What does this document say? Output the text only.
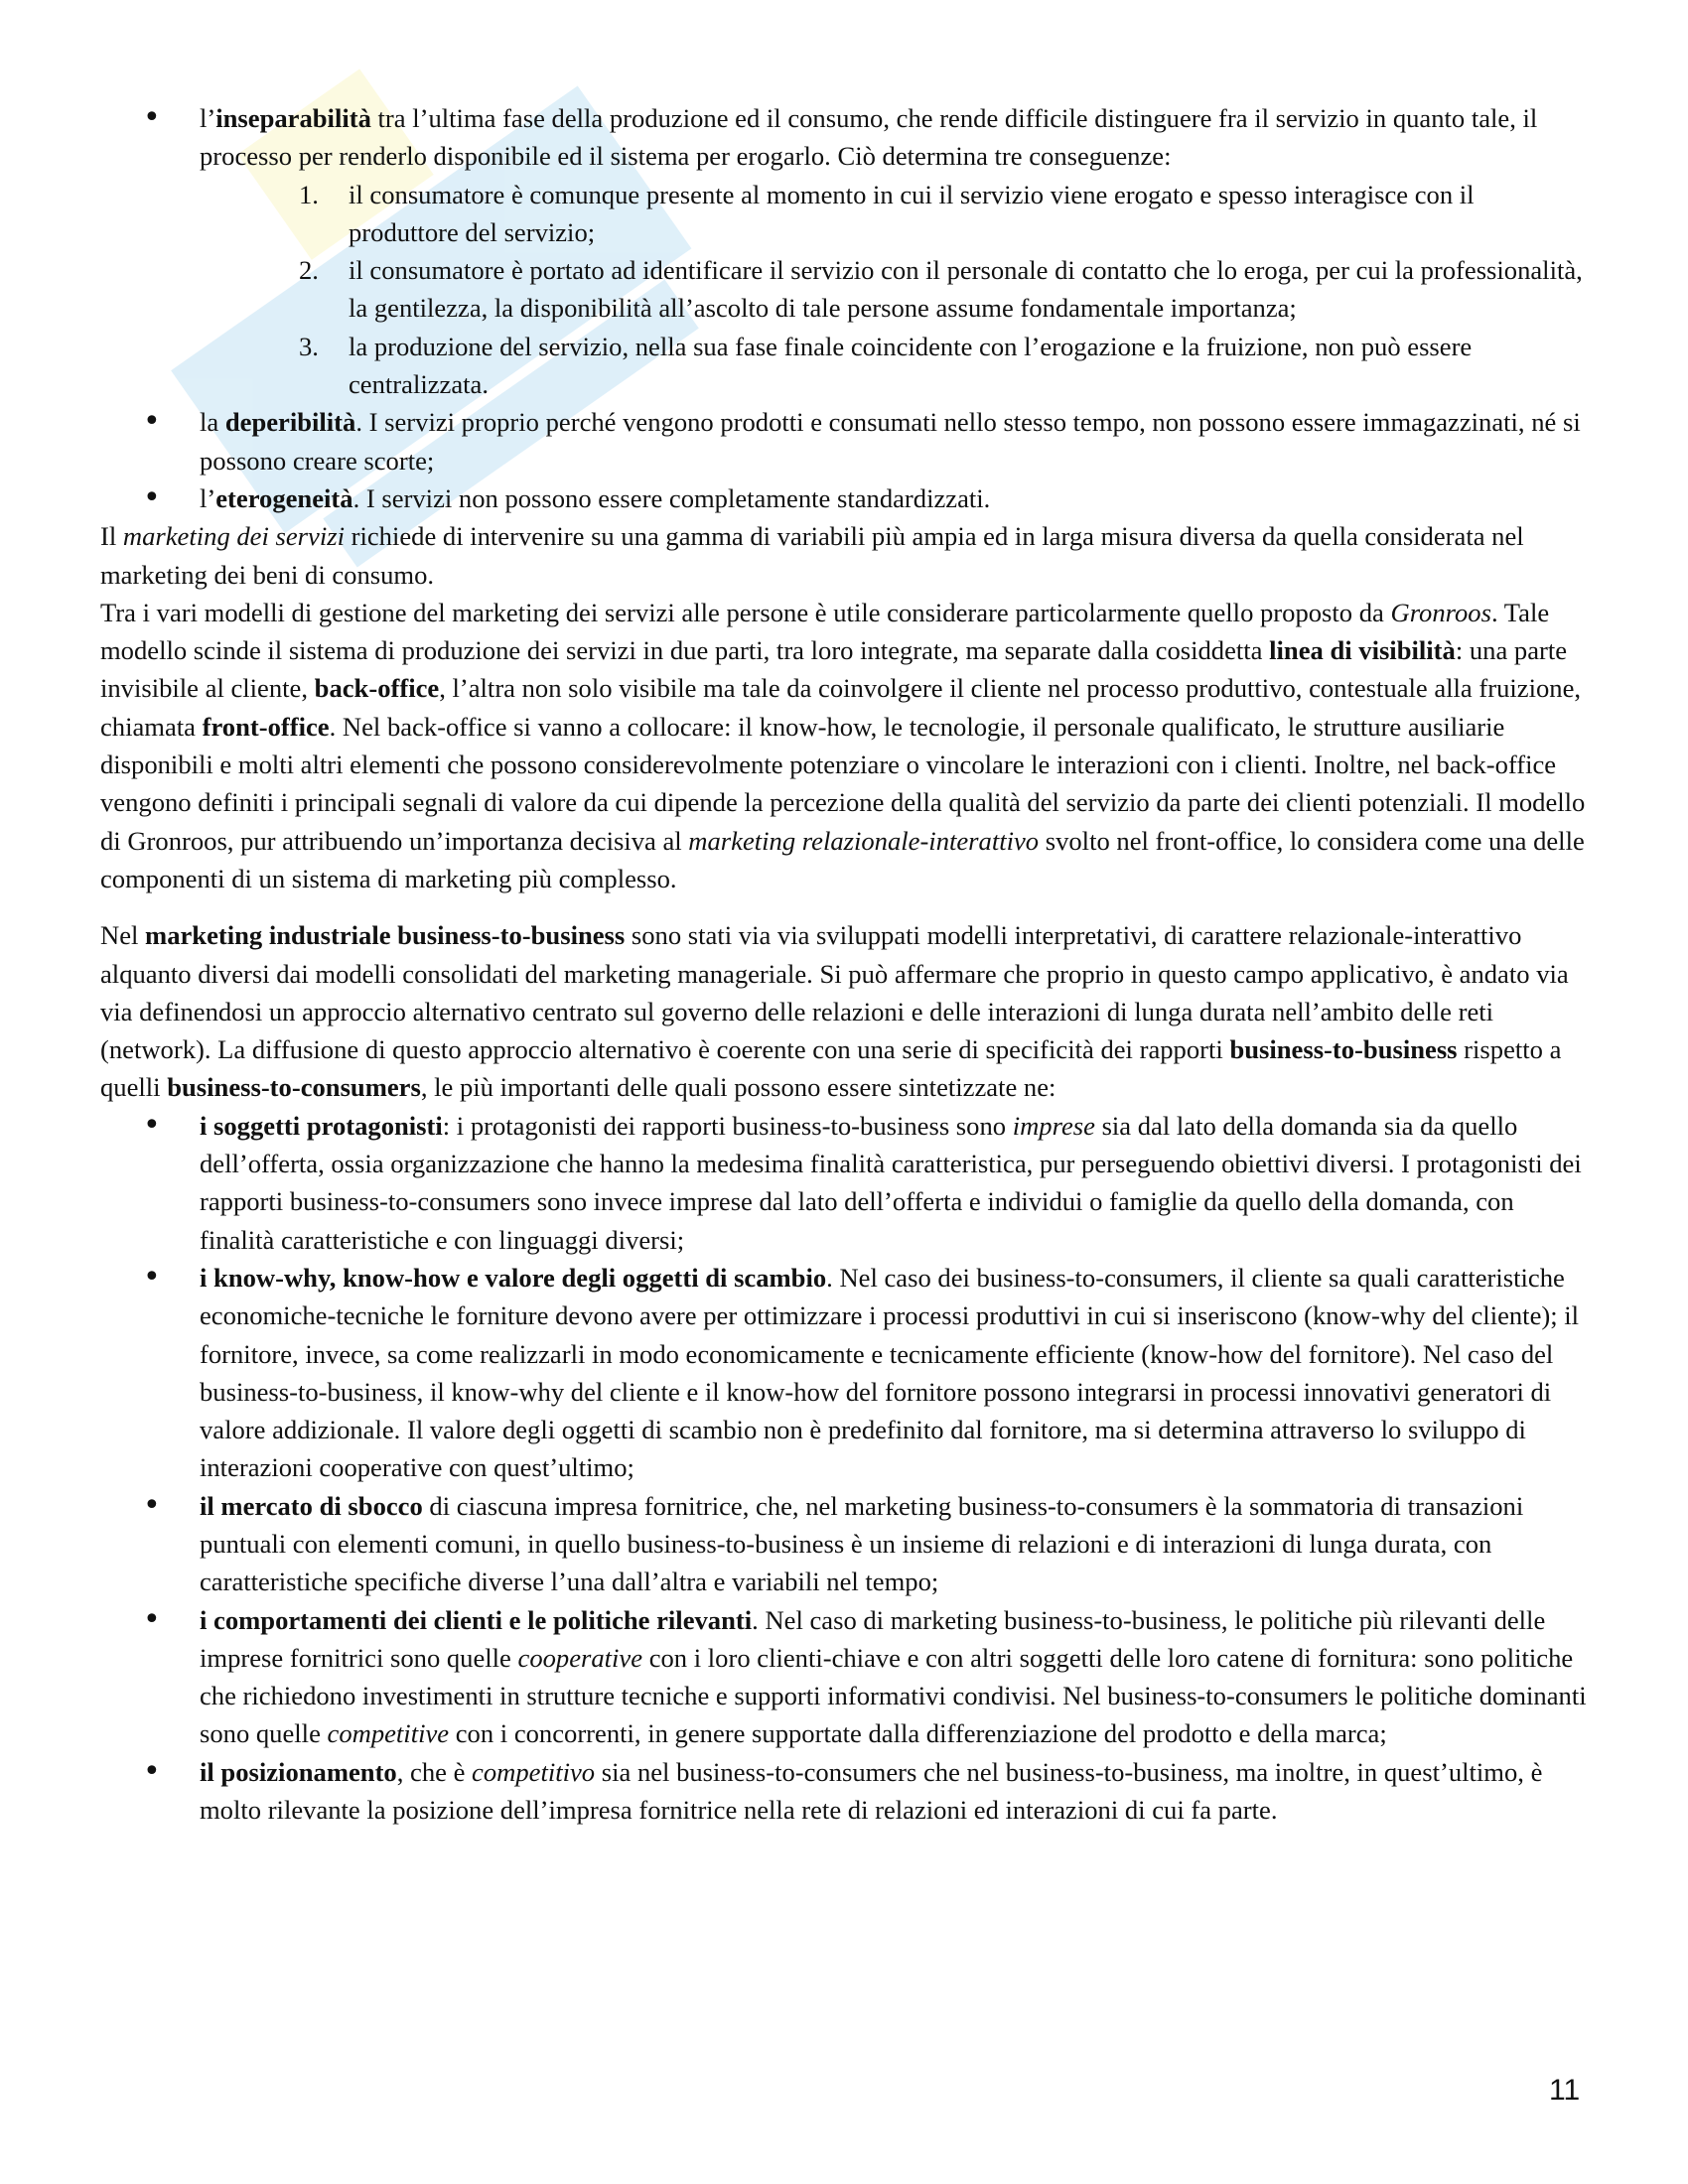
• l’inseparabilità tra l’ultima fase della produzione ed il consumo, che rende difficile distinguere fra il servizio in quanto tale, il processo per renderlo disponibile ed il sistema per erogarlo. Ciò determina tre conseguenze:
1. il consumatore è comunque presente al momento in cui il servizio viene erogato e spesso interagisce con il produttore del servizio;
2. il consumatore è portato ad identificare il servizio con il personale di contatto che lo eroga, per cui la professionalità, la gentilezza, la disponibilità all’ascolto di tale persone assume fondamentale importanza;
3. la produzione del servizio, nella sua fase finale coincidente con l’erogazione e la fruizione, non può essere centralizzata.
• la deperibilità. I servizi proprio perché vengono prodotti e consumati nello stesso tempo, non possono essere immagazzinati, né si possono creare scorte;
• l’eterogeneità. I servizi non possono essere completamente standardizzati.

Il marketing dei servizi richiede di intervenire su una gamma di variabili più ampia ed in larga misura diversa da quella considerata nel marketing dei beni di consumo.

Tra i vari modelli di gestione del marketing dei servizi alle persone è utile considerare particolarmente quello proposto da Gronroos. Tale modello scinde il sistema di produzione dei servizi in due parti, tra loro integrate, ma separate dalla cosiddetta linea di visibilità: una parte invisibile al cliente, back-office, l’altra non solo visibile ma tale da coinvolgere il cliente nel processo produttivo, contestuale alla fruizione, chiamata front-office. Nel back-office si vanno a collocare: il know-how, le tecnologie, il personale qualificato, le strutture ausiliarie disponibili e molti altri elementi che possono considerevolmente potenziare o vincolare le interazioni con i clienti. Inoltre, nel back-office vengono definiti i principali segnali di valore da cui dipende la percezione della qualità del servizio da parte dei clienti potenziali. Il modello di Gronroos, pur attribuendo un’importanza decisiva al marketing relazionale-interattivo svolto nel front-office, lo considera come una delle componenti di un sistema di marketing più complesso.

Nel marketing industriale business-to-business sono stati via via sviluppati modelli interpretativi, di carattere relazionale-interattivo alquanto diversi dai modelli consolidati del marketing manageriale. Si può affermare che proprio in questo campo applicativo, è andato via via definendosi un approccio alternativo centrato sul governo delle relazioni e delle interazioni di lunga durata nell’ambito delle reti (network). La diffusione di questo approccio alternativo è coerente con una serie di specificità dei rapporti business-to-business rispetto a quelli business-to-consumers, le più importanti delle quali possono essere sintetizzate ne:

• i soggetti protagonisti: i protagonisti dei rapporti business-to-business sono imprese sia dal lato della domanda sia da quello dell’offerta, ossia organizzazione che hanno la medesima finalità caratteristica, pur perseguendo obiettivi diversi. I protagonisti dei rapporti business-to-consumers sono invece imprese dal lato dell’offerta e individui o famiglie da quello della domanda, con finalità caratteristiche e con linguaggi diversi;
• i know-why, know-how e valore degli oggetti di scambio. Nel caso dei business-to-consumers, il cliente sa quali caratteristiche economiche-tecniche le forniture devono avere per ottimizzare i processi produttivi in cui si inseriscono (know-why del cliente); il fornitore, invece, sa come realizzarli in modo economicamente e tecnicamente efficiente (know-how del fornitore). Nel caso del business-to-business, il know-why del cliente e il know-how del fornitore possono integrarsi in processi innovativi generatori di valore addizionale. Il valore degli oggetti di scambio non è predefinito dal fornitore, ma si determina attraverso lo sviluppo di interazioni cooperative con quest’ultimo;
• il mercato di sbocco di ciascuna impresa fornitrice, che, nel marketing business-to-consumers è la sommatoria di transazioni puntuali con elementi comuni, in quello business-to-business è un insieme di relazioni e di interazioni di lunga durata, con caratteristiche specifiche diverse l’una dall’altra e variabili nel tempo;
• i comportamenti dei clienti e le politiche rilevanti. Nel caso di marketing business-to-business, le politiche più rilevanti delle imprese fornitrici sono quelle cooperative con i loro clienti-chiave e con altri soggetti delle loro catene di fornitura: sono politiche che richiedono investimenti in strutture tecniche e supporti informativi condivisi. Nel business-to-consumers le politiche dominanti sono quelle competitive con i concorrenti, in genere supportate dalla differenziazione del prodotto e della marca;
• il posizionamento, che è competitivo sia nel business-to-consumers che nel business-to-business, ma inoltre, in quest’ultimo, è molto rilevante la posizione dell’impresa fornitrice nella rete di relazioni ed interazioni di cui fa parte.
11
